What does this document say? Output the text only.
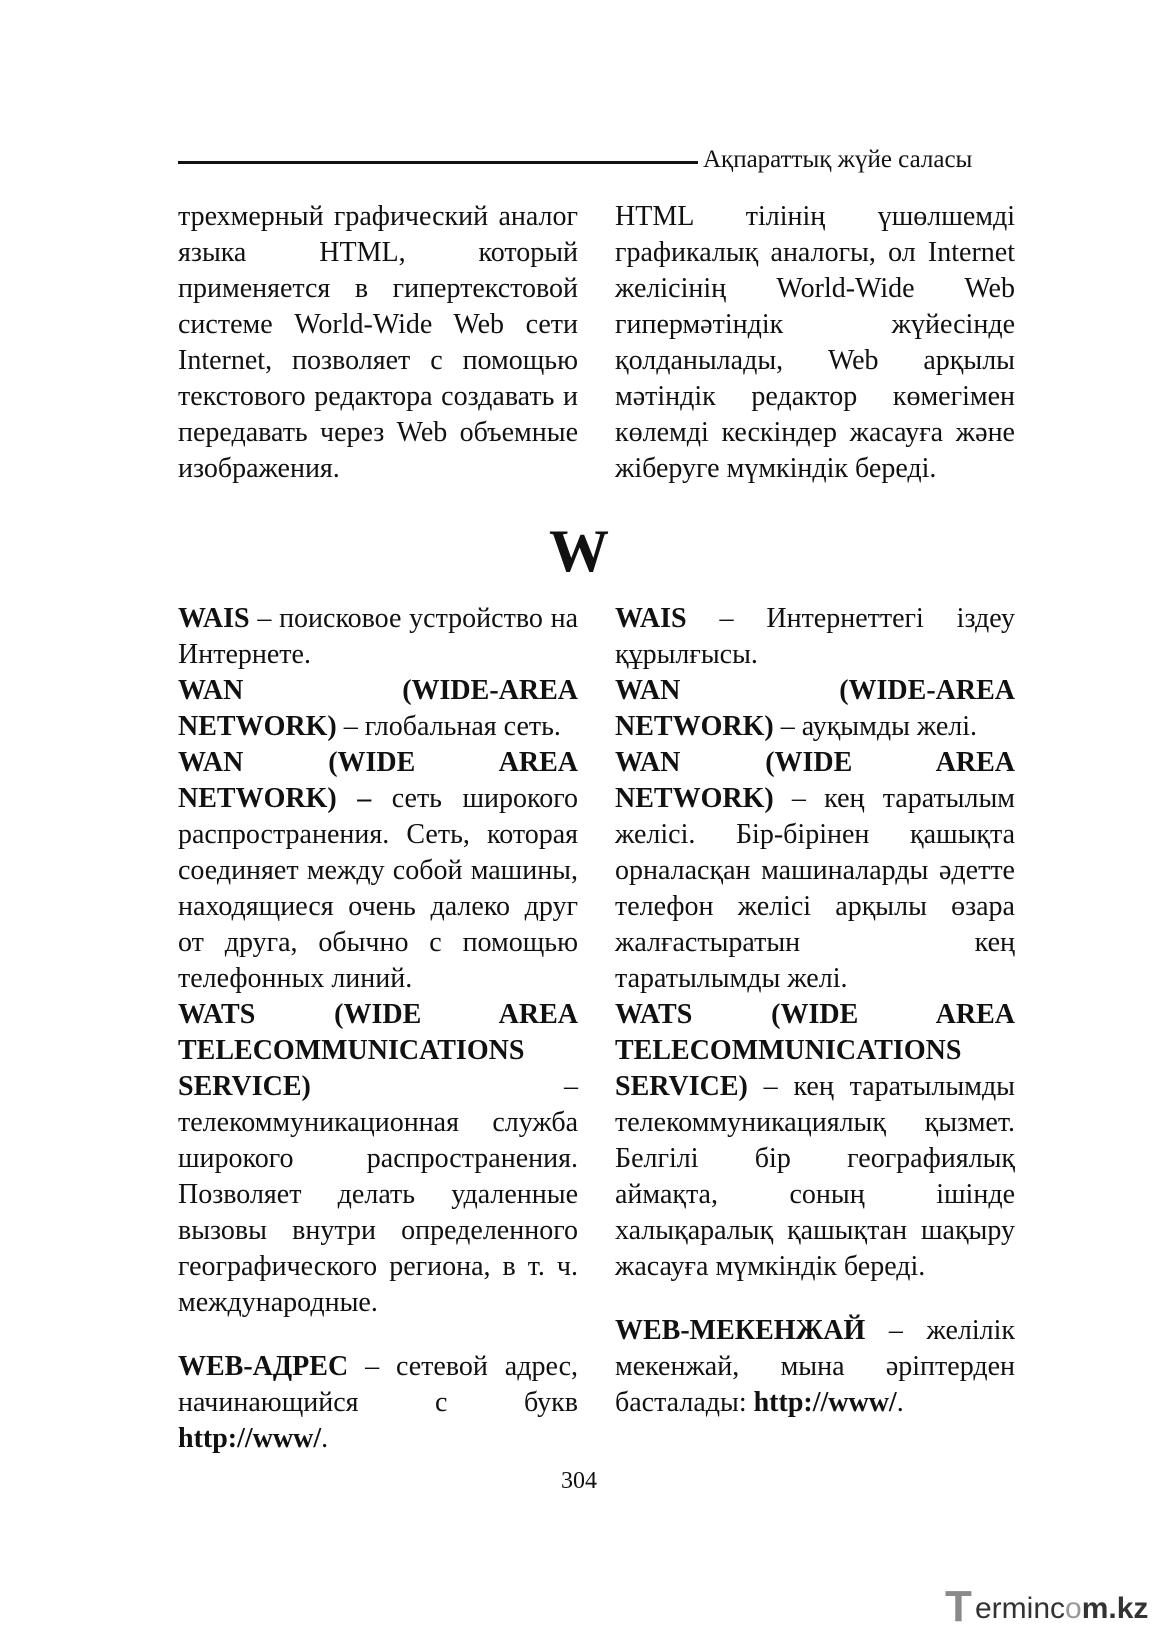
Ақпараттық жүйе саласы

трехмерный графический аналог языка HTML, который применяется в гипертекстовой системе World-Wide Web сети Internet, позволяет с помощью текстового редактора создавать и передавать через Web объемные изображения.

HTML тілінің үшөлшемді графикалық аналогы, ол Internet желісінің World-Wide Web гипермәтіндік жүйесінде қолданылады, Web арқылы мәтіндік редактор көмегімен көлемді кескіндер жасауға және жіберуге мүмкіндік береді.

W

WAIS – поисковое устройство на Интернете.

WAN (WIDE-AREA NETWORK) – глобальная сеть.

WAN (WIDE AREA NETWORK) – сеть широкого распространения. Сеть, которая соединяет между собой машины, находящиеся очень далеко друг от друга, обычно с помощью телефонных линий.

WATS (WIDE AREA TELECOMMUNICATIONS SERVICE) – телекоммуникационная служба широкого распространения. Позволяет делать удаленные вызовы внутри определенного географического региона, в т. ч. международные.

WEB-АДРЕС – сетевой адрес, начинающийся с букв http://www/.

WAIS – Интернеттегі іздеу құрылғысы.

WAN (WIDE-AREA NETWORK) – ауқымды желі.

WAN (WIDE AREA NETWORK) – кең таратылым желісі. Бір-бірінен қашықта орналасқан машиналарды әдетте телефон желісі арқылы өзара жалғастыратын кең таратылымды желі.

WATS (WIDE AREA TELECOMMUNICATIONS SERVICE) – кең таратылымды телекоммуникациялық қызмет. Белгілі бір географиялық аймақта, соның ішінде халықаралық қашықтан шақыру жасауға мүмкіндік береді.

WEB-МЕКЕНЖАЙ – желілік мекенжай, мына әріптерден басталады: http://www/.

304
T ermincom.kz
